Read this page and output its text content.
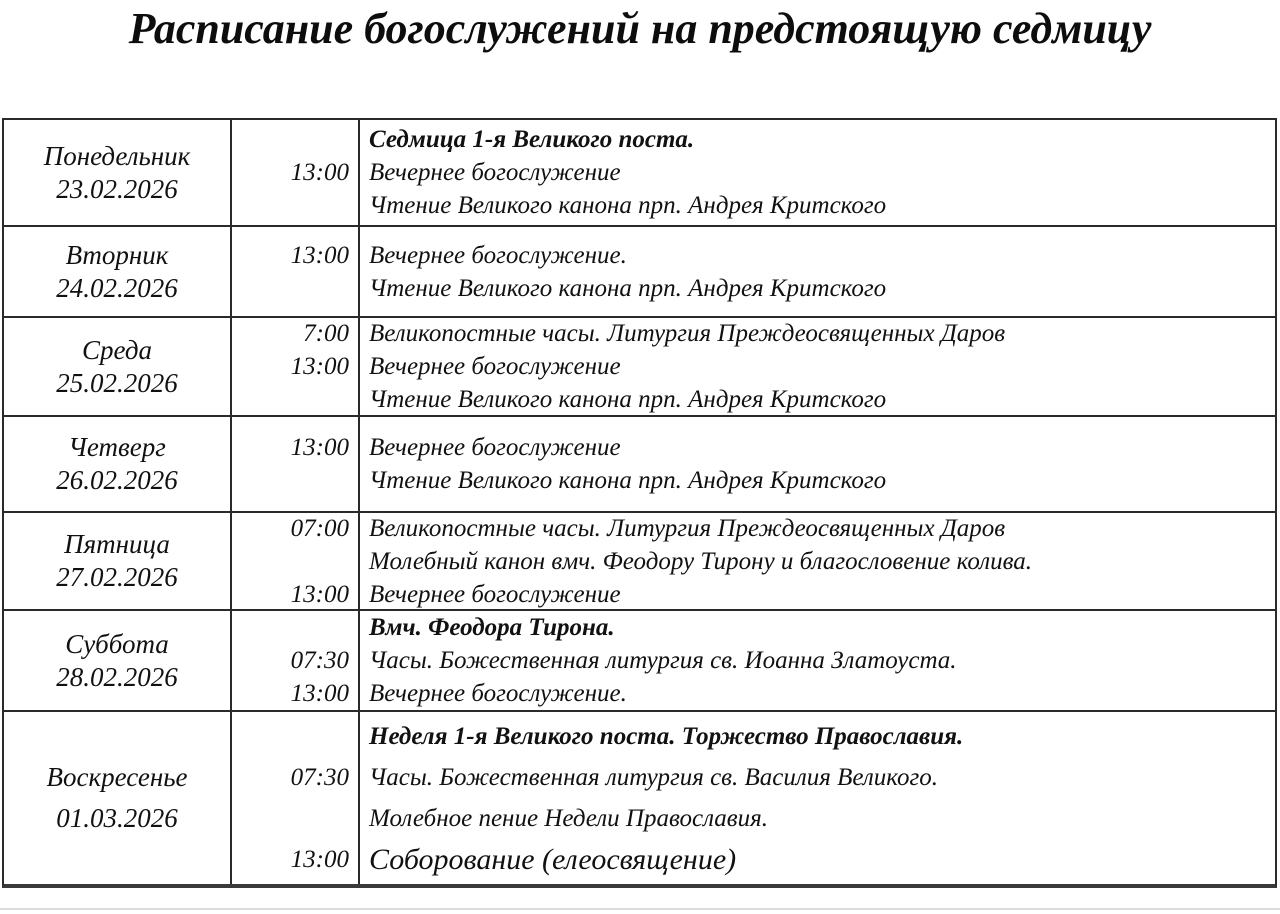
Расписание богослужений на предстоящую седмицу
Понедельник
23.02.2026

13:00

Седмица 1-я Великого поста.
Вечернее богослужение
Чтение Великого канона прп. Андрея Критского
Вторник
24.02.2026
13:00
Вечернее богослужение.
Чтение Великого канона прп. Андрея Критского
Среда
25.02.2026
7:00
13:00

Великопостные часы. Литургия Преждеосвященных Даров
Вечернее богослужение
Чтение Великого канона прп. Андрея Критского
Четверг
26.02.2026
13:00
Вечернее богослужение
Чтение Великого канона прп. Андрея Критского
Пятница
27.02.2026
07:00

13:00
Великопостные часы. Литургия Преждеосвященных Даров
Молебный канон вмч. Феодору Тирону и благословение колива.
Вечернее богослужение
Суббота
28.02.2026

07:30
13:00
Вмч. Феодора Тирона.
Часы. Божественная литургия св. Иоанна Златоуста.
Вечернее богослужение.
Воскресенье
01.03.2026

07:30

13:00
Неделя 1-я Великого поста. Торжество Православия.
Часы. Божественная литургия св. Василия Великого.
Молебное пение Недели Православия.
Соборование (елеосвящение)
